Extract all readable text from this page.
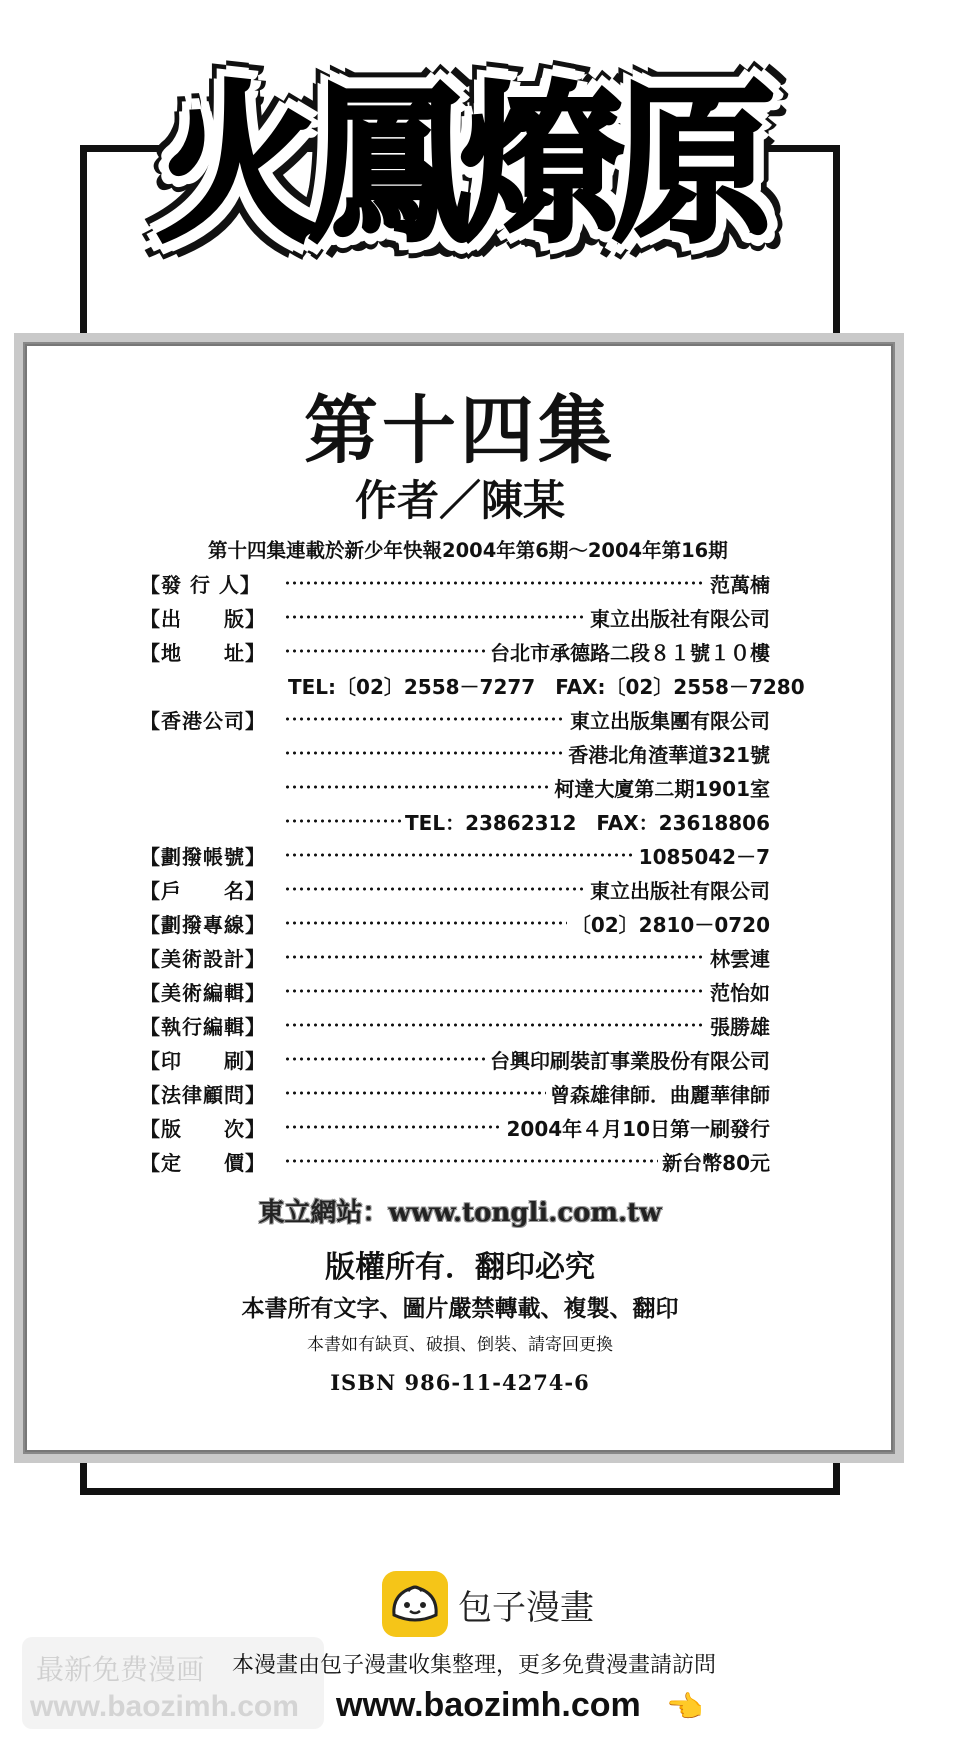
火鳳燎原
第十四集
作者／陳某
第十四集連載於新少年快報2004年第6期～2004年第16期
【發 行 人】	范萬楠
【出　　版】	東立出版社有限公司
【地　　址】	台北市承德路二段８１號１０樓
TEL:〔02〕2558－7277　FAX:〔02〕2558－7280
【香港公司】	東立出版集團有限公司
香港北角渣華道321號
柯達大廈第二期1901室
TEL：23862312　FAX：23618806
【劃撥帳號】	1085042－7
【戶　　名】	東立出版社有限公司
【劃撥專線】	〔02〕2810－0720
【美術設計】	林雲連
【美術編輯】	范怡如
【執行編輯】	張勝雄
【印　　刷】	台興印刷裝訂事業股份有限公司
【法律顧問】	曾森雄律師．曲麗華律師
【版　　次】	2004年４月10日第一刷發行
【定　　價】	新台幣80元
東立網站：www.tongli.com.tw
版權所有．翻印必究
本書所有文字、圖片嚴禁轉載、複製、翻印
本書如有缺頁、破損、倒裝、請寄回更換
ISBN 986-11-4274-6
包子漫畫
最新免费漫画
www.baozimh.com
本漫畫由包子漫畫收集整理，更多免費漫畫請訪問
www.baozimh.com 👈
